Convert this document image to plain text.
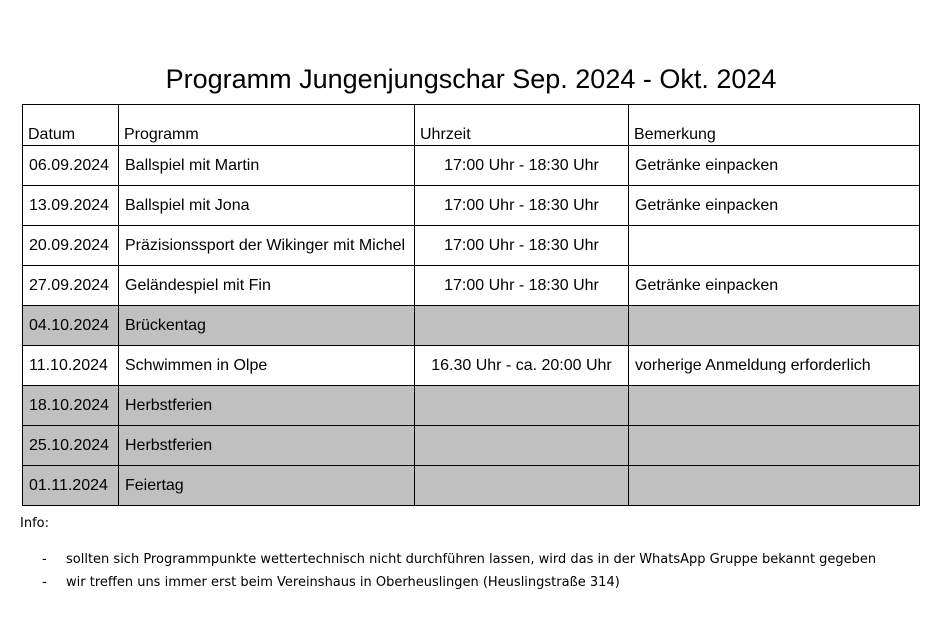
Programm Jungenjungschar Sep. 2024 - Okt. 2024
Datum	Programm	Uhrzeit	Bemerkung
06.09.2024	Ballspiel mit Martin	17:00 Uhr - 18:30 Uhr	Getränke einpacken
13.09.2024	Ballspiel mit Jona	17:00 Uhr - 18:30 Uhr	Getränke einpacken
20.09.2024	Präzisionssport der Wikinger mit Michel	17:00 Uhr - 18:30 Uhr	
27.09.2024	Geländespiel mit Fin	17:00 Uhr - 18:30 Uhr	Getränke einpacken
04.10.2024	Brückentag		
11.10.2024	Schwimmen in Olpe	16.30 Uhr - ca. 20:00 Uhr	vorherige Anmeldung erforderlich
18.10.2024	Herbstferien		
25.10.2024	Herbstferien		
01.11.2024	Feiertag		
Info:
-	sollten sich Programmpunkte wettertechnisch nicht durchführen lassen, wird das in der WhatsApp Gruppe bekannt gegeben
-	wir treffen uns immer erst beim Vereinshaus in Oberheuslingen (Heuslingstraße 314)
